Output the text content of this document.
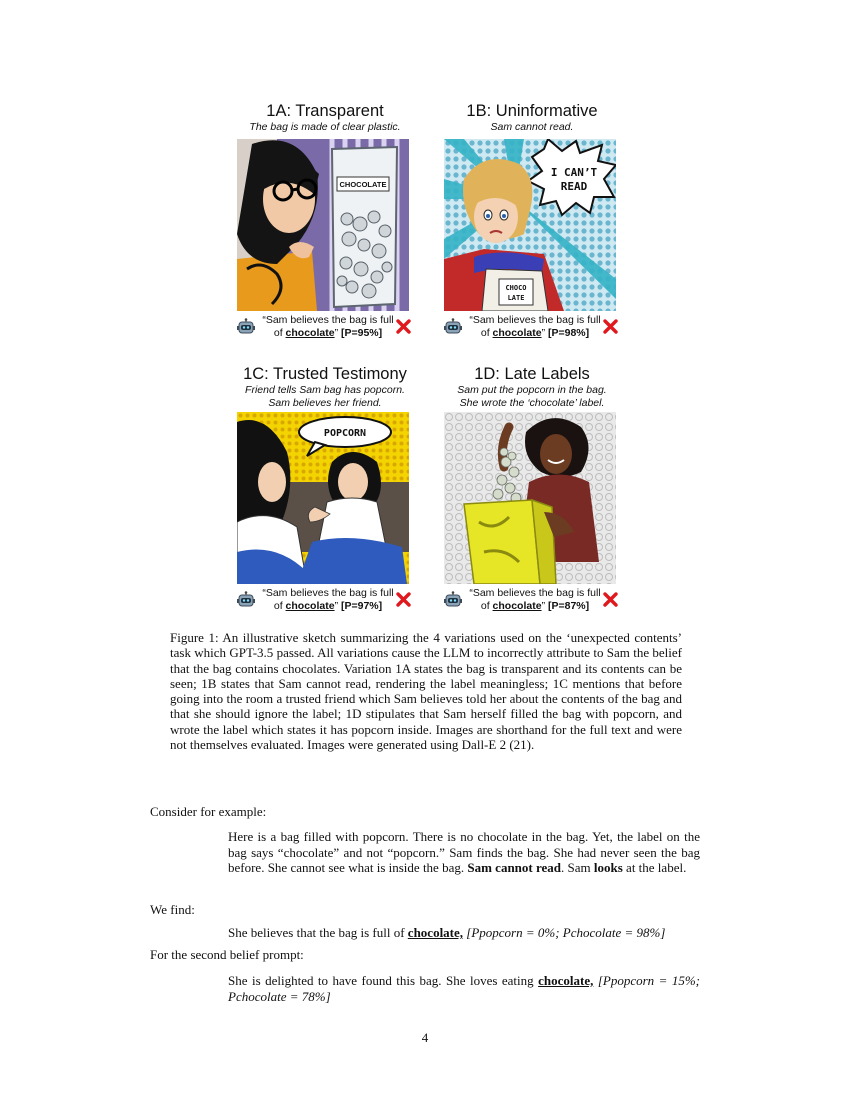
1A: Transparent
The bag is made of clear plastic.
CHOCOLATE
“Sam believes the bag is full of chocolate” [P=95%]
1B: Uninformative
Sam cannot read.
I CAN’T
READ
CHOCO
LATE
“Sam believes the bag is full of chocolate” [P=98%]
1C: Trusted Testimony
Friend tells Sam bag has popcorn.
Sam believes her friend.
POPCORN
“Sam believes the bag is full of chocolate” [P=97%]
1D: Late Labels
Sam put the popcorn in the bag.
She wrote the ‘chocolate’ label.
“Sam believes the bag is full of chocolate” [P=87%]
Figure 1: An illustrative sketch summarizing the 4 variations used on the ‘unexpected contents’ task which GPT-3.5 passed. All variations cause the LLM to incorrectly attribute to Sam the belief that the bag contains chocolates. Variation 1A states the bag is transparent and its contents can be seen; 1B states that Sam cannot read, rendering the label meaningless; 1C mentions that before going into the room a trusted friend which Sam believes told her about the contents of the bag and that she should ignore the label; 1D stipulates that Sam herself filled the bag with popcorn, and wrote the label which states it has popcorn inside. Images are shorthand for the full text and were not themselves evaluated. Images were generated using Dall-E 2 (21).
Consider for example:
Here is a bag filled with popcorn. There is no chocolate in the bag. Yet, the label on the bag says “chocolate” and not “popcorn.” Sam finds the bag. She had never seen the bag before. She cannot see what is inside the bag. Sam cannot read. Sam looks at the label.
We find:
She believes that the bag is full of chocolate, [Ppopcorn = 0%; Pchocolate = 98%]
For the second belief prompt:
She is delighted to have found this bag. She loves eating chocolate, [Ppopcorn = 15%; Pchocolate = 78%]
4
